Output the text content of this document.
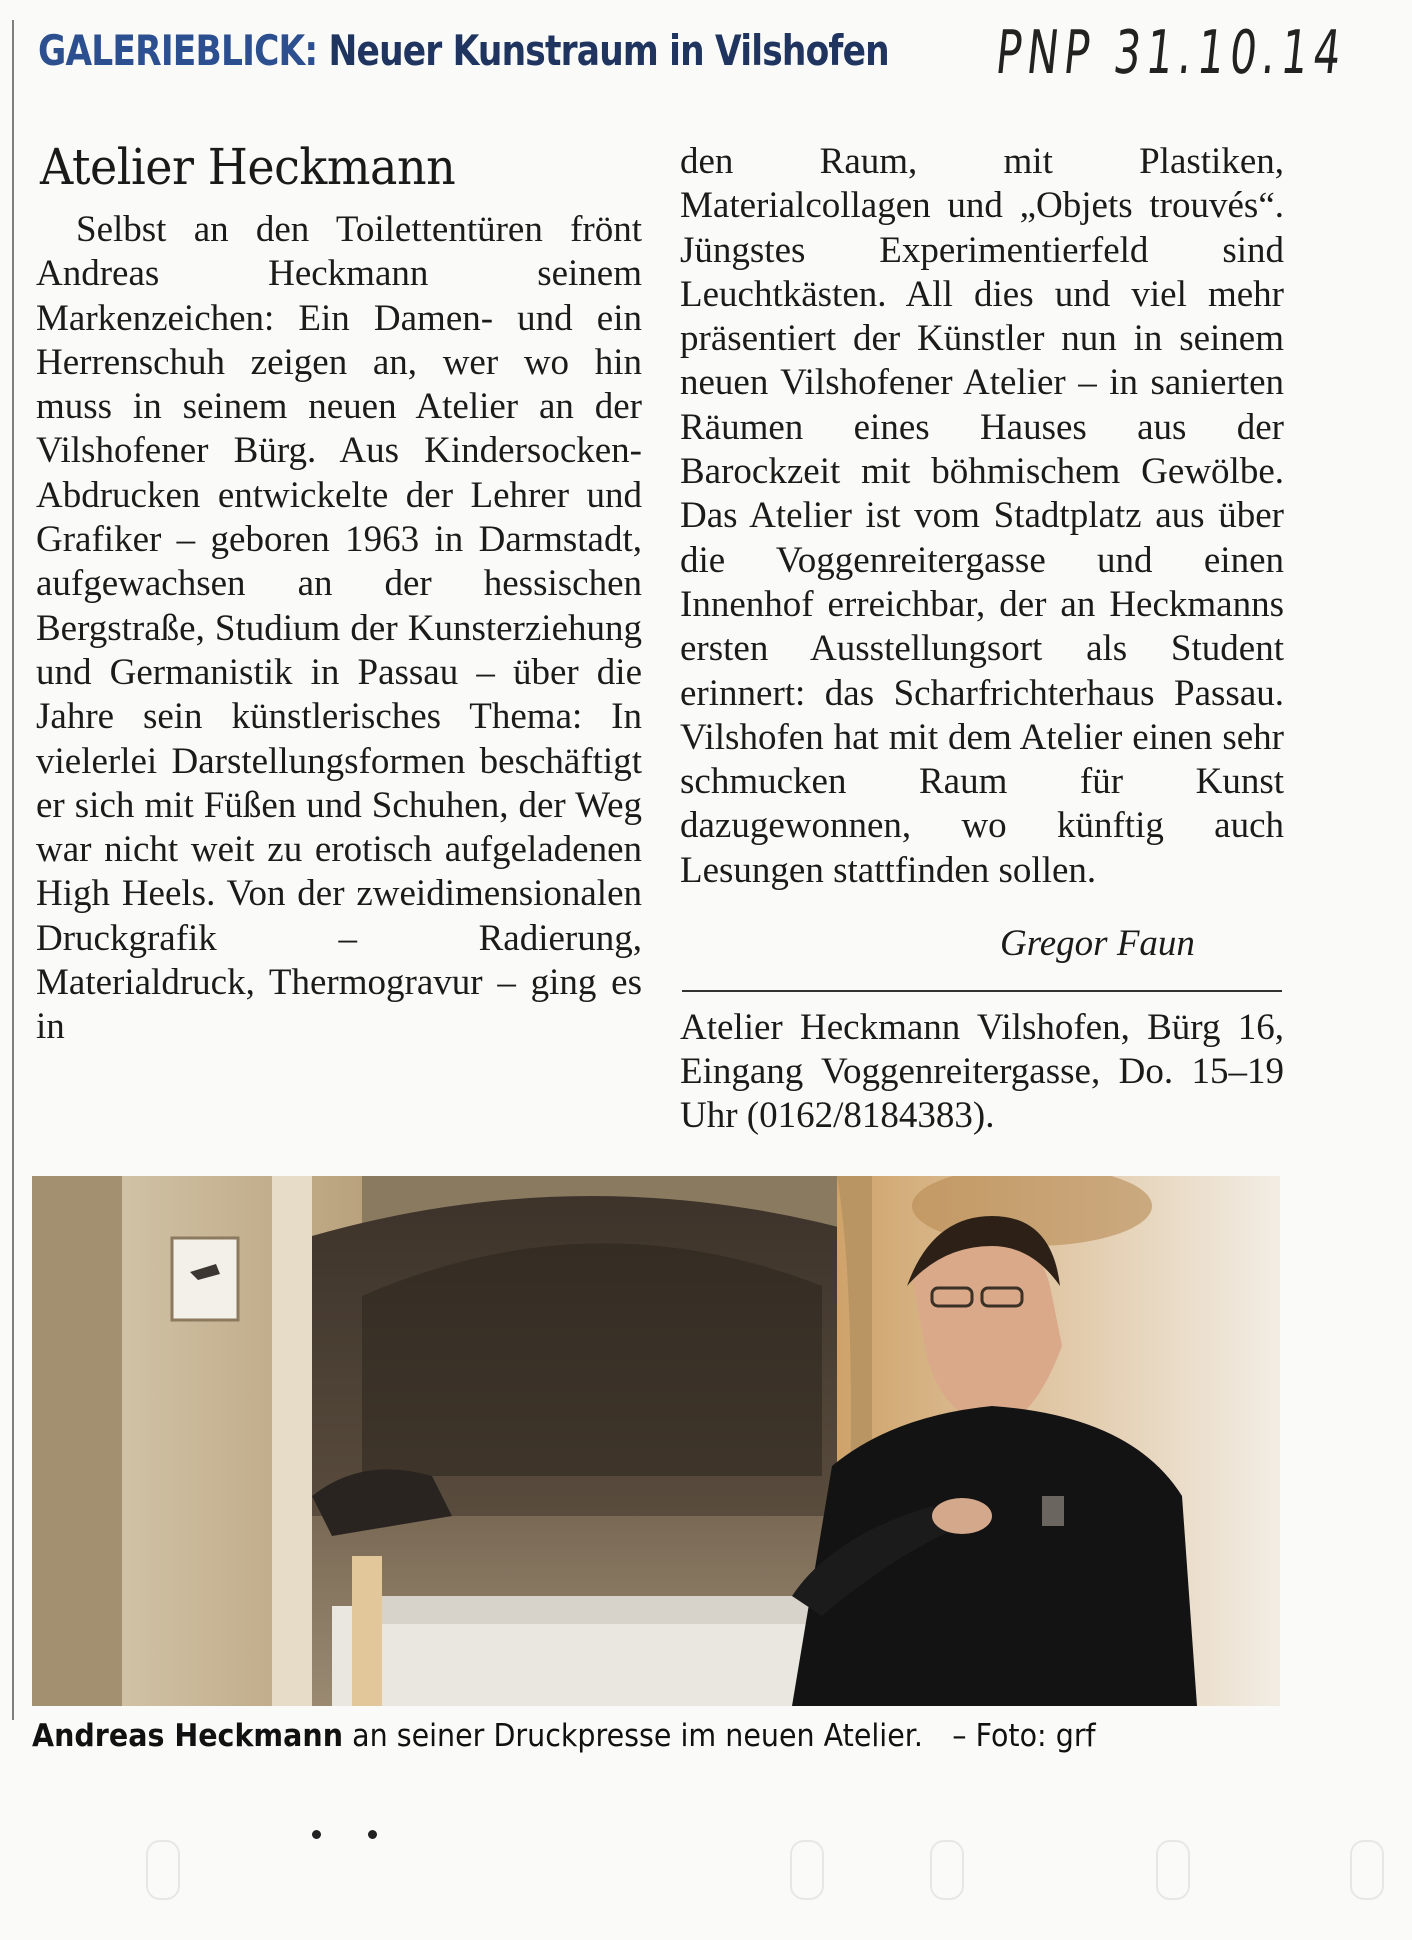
GALERIEBLICK: Neuer Kunstraum in Vilshofen PNP 31.10.14
Atelier Heckmann

Selbst an den Toilettentüren frönt Andreas Heckmann seinem Markenzeichen: Ein Damen- und ein Herrenschuh zeigen an, wer wo hin muss in seinem neuen Atelier an der Vilshofener Bürg. Aus Kindersocken-Abdrucken entwickelte der Lehrer und Grafiker – geboren 1963 in Darmstadt, aufgewachsen an der hessischen Bergstraße, Studium der Kunsterziehung und Germanistik in Passau – über die Jahre sein künstlerisches Thema: In vielerlei Darstellungsformen beschäftigt er sich mit Füßen und Schuhen, der Weg war nicht weit zu erotisch aufgeladenen High Heels. Von der zweidimensionalen Druckgrafik – Radierung, Materialdruck, Thermogravur – ging es in

den Raum, mit Plastiken, Materialcollagen und „Objets trouvés“. Jüngstes Experimentierfeld sind Leuchtkästen. All dies und viel mehr präsentiert der Künstler nun in seinem neuen Vilshofener Atelier – in sanierten Räumen eines Hauses aus der Barockzeit mit böhmischem Gewölbe. Das Atelier ist vom Stadtplatz aus über die Voggenreitergasse und einen Innenhof erreichbar, der an Heckmanns ersten Ausstellungsort als Student erinnert: das Scharfrichterhaus Passau. Vilshofen hat mit dem Atelier einen sehr schmucken Raum für Kunst dazugewonnen, wo künftig auch Lesungen stattfinden sollen.

Gregor Faun
Atelier Heckmann Vilshofen, Bürg 16, Eingang Voggenreitergasse, Do. 15–19 Uhr (0162/8184383).
Andreas Heckmann an seiner Druckpresse im neuen Atelier. – Foto: grf
